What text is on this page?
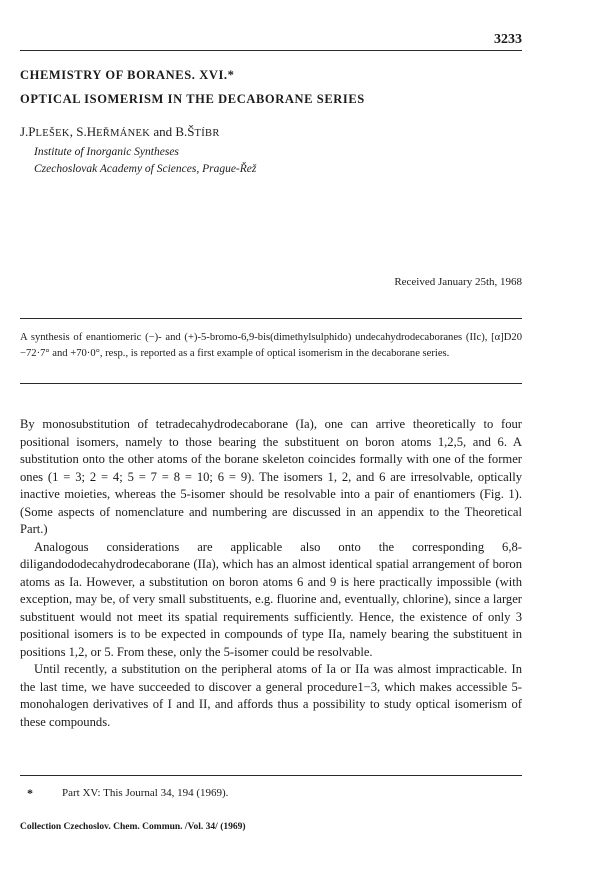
3233
CHEMISTRY OF BORANES. XVI.*
OPTICAL ISOMERISM IN THE DECABORANE SERIES
J.PLEŠEK, S.HEŘMÁNEK and B.ŠTÍBR
Institute of Inorganic Syntheses
Czechoslovak Academy of Sciences, Prague-Řež
Received January 25th, 1968
A synthesis of enantiomeric (−)- and (+)-5-bromo-6,9-bis(dimethylsulphido) undecahydrodecaboranes (IIc), [α]D20 −72·7° and +70·0°, resp., is reported as a first example of optical isomerism in the decaborane series.

By monosubstitution of tetradecahydrodecaborane (Ia), one can arrive theoretically to four positional isomers, namely to those bearing the substituent on boron atoms 1,2,5, and 6. A substitution onto the other atoms of the borane skeleton coincides formally with one of the former ones (1 = 3; 2 = 4; 5 = 7 = 8 = 10; 6 = 9). The isomers 1, 2, and 6 are irresolvable, optically inactive moieties, whereas the 5-isomer should be resolvable into a pair of enantiomers (Fig. 1). (Some aspects of nomenclature and numbering are discussed in an appendix to the Theoretical Part.)

Analogous considerations are applicable also onto the corresponding 6,8-diligandododecahydrodecaborane (IIa), which has an almost identical spatial arrangement of boron atoms as Ia. However, a substitution on boron atoms 6 and 9 is here practically impossible (with exception, may be, of very small substituents, e.g. fluorine and, eventually, chlorine), since a larger substituent would not meet its spatial requirements sufficiently. Hence, the existence of only 3 positional isomers is to be expected in compounds of type IIa, namely bearing the substituent in positions 1,2, or 5. From these, only the 5-isomer could be resolvable.

Until recently, a substitution on the peripheral atoms of Ia or IIa was almost impracticable. In the last time, we have succeeded to discover a general procedure1−3, which makes accessible 5-monohalogen derivatives of I and II, and affords thus a possibility to study optical isomerism of these compounds.

*	Part XV: This Journal 34, 194 (1969).
Collection Czechoslov. Chem. Commun. /Vol. 34/ (1969)
